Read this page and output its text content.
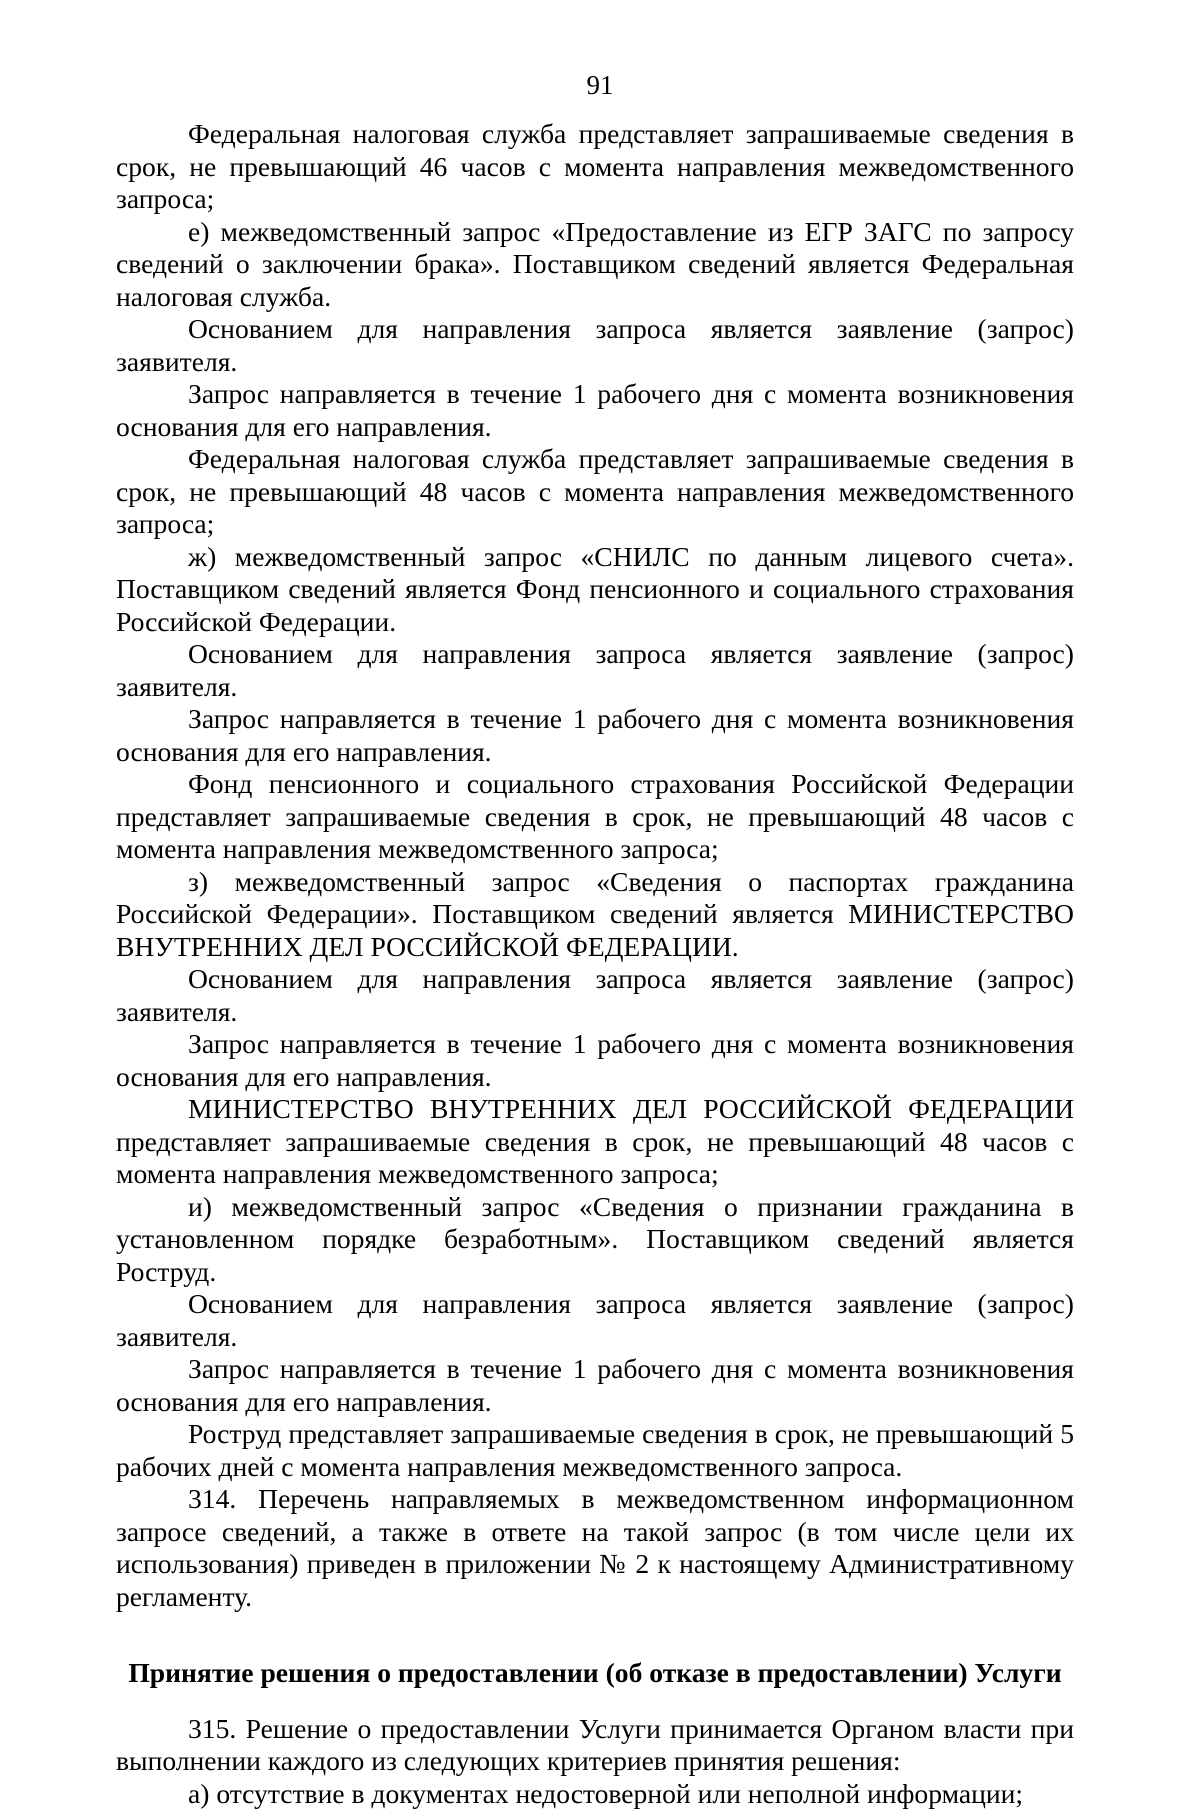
91

Федеральная налоговая служба представляет запрашиваемые сведения в срок, не превышающий 46 часов с момента направления межведомственного запроса;

е) межведомственный запрос «Предоставление из ЕГР ЗАГС по запросу сведений о заключении брака». Поставщиком сведений является Федеральная налоговая служба.

Основанием для направления запроса является заявление (запрос) заявителя.

Запрос направляется в течение 1 рабочего дня с момента возникновения основания для его направления.

Федеральная налоговая служба представляет запрашиваемые сведения в срок, не превышающий 48 часов с момента направления межведомственного запроса;

ж) межведомственный запрос «СНИЛС по данным лицевого счета». Поставщиком сведений является Фонд пенсионного и социального страхования Российской Федерации.

Основанием для направления запроса является заявление (запрос) заявителя.

Запрос направляется в течение 1 рабочего дня с момента возникновения основания для его направления.

Фонд пенсионного и социального страхования Российской Федерации представляет запрашиваемые сведения в срок, не превышающий 48 часов с момента направления межведомственного запроса;

з) межведомственный запрос «Сведения о паспортах гражданина Российской Федерации». Поставщиком сведений является МИНИСТЕРСТВО ВНУТРЕННИХ ДЕЛ РОССИЙСКОЙ ФЕДЕРАЦИИ.

Основанием для направления запроса является заявление (запрос) заявителя.

Запрос направляется в течение 1 рабочего дня с момента возникновения основания для его направления.

МИНИСТЕРСТВО ВНУТРЕННИХ ДЕЛ РОССИЙСКОЙ ФЕДЕРАЦИИ представляет запрашиваемые сведения в срок, не превышающий 48 часов с момента направления межведомственного запроса;

и) межведомственный запрос «Сведения о признании гражданина в установленном порядке безработным». Поставщиком сведений является Роструд.

Основанием для направления запроса является заявление (запрос) заявителя.

Запрос направляется в течение 1 рабочего дня с момента возникновения основания для его направления.

Роструд представляет запрашиваемые сведения в срок, не превышающий 5 рабочих дней с момента направления межведомственного запроса.

314. Перечень направляемых в межведомственном информационном запросе сведений, а также в ответе на такой запрос (в том числе цели их использования) приведен в приложении № 2 к настоящему Административному регламенту.

Принятие решения о предоставлении (об отказе в предоставлении) Услуги

315. Решение о предоставлении Услуги принимается Органом власти при выполнении каждого из следующих критериев принятия решения:

а) отсутствие в документах недостоверной или неполной информации;
